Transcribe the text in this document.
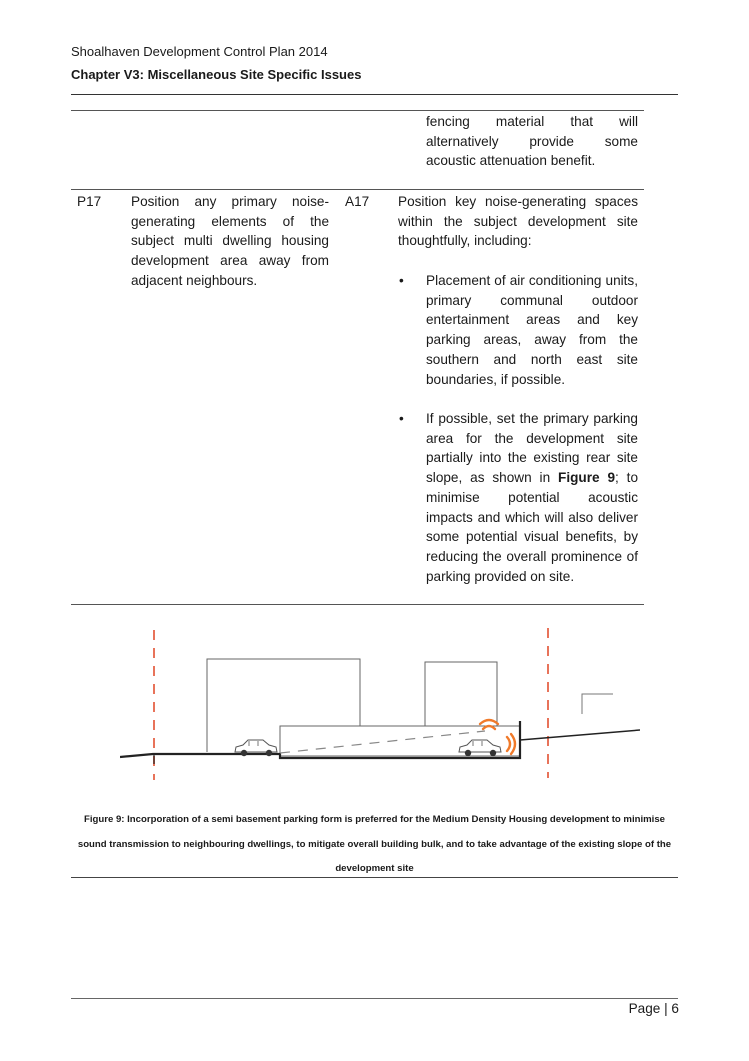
Shoalhaven Development Control Plan 2014
Chapter V3: Miscellaneous Site Specific Issues
fencing material that will
alternatively provide some
acoustic attenuation benefit.
P17 Position any primary noise-generating elements of the subject multi dwelling housing development area away from adjacent neighbours.
A17 Position key noise-generating spaces within the subject development site thoughtfully, including:
• Placement of air conditioning units, primary communal outdoor entertainment areas and key parking areas, away from the southern and north east site boundaries, if possible.
• If possible, set the primary parking area for the development site partially into the existing rear site slope, as shown in Figure 9; to minimise potential acoustic impacts and which will also deliver some potential visual benefits, by reducing the overall prominence of parking provided on site.
Figure 9: Incorporation of a semi basement parking form is preferred for the Medium Density Housing development to minimise sound transmission to neighbouring dwellings, to mitigate overall building bulk, and to take advantage of the existing slope of the development site
Page | 6
